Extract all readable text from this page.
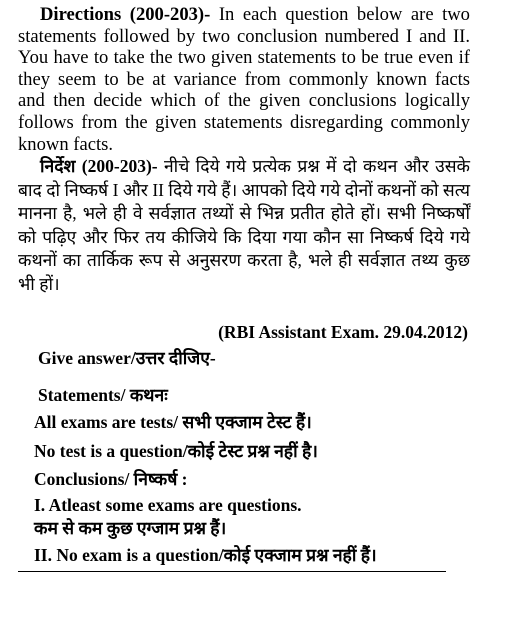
Directions (200-203)- In each question below are two statements followed by two conclusion numbered I and II. You have to take the two given statements to be true even if they seem to be at variance from commonly known facts and then decide which of the given conclusions logically follows from the given statements disregarding commonly known facts.
निर्देश (200-203)- नीचे दिये गये प्रत्येक प्रश्न में दो कथन और उसके बाद दो निष्कर्ष I और II दिये गये हैं। आपको दिये गये दोनों कथनों को सत्य मानना है, भले ही वे सर्वज्ञात तथ्यों से भिन्न प्रतीत होते हों। सभी निष्कर्षों को पढ़िए और फिर तय कीजिये कि दिया गया कौन सा निष्कर्ष दिये गये कथनों का तार्किक रूप से अनुसरण करता है, भले ही सर्वज्ञात तथ्य कुछ भी हों।
(RBI Assistant Exam. 29.04.2012)
Give answer/उत्तर दीजिए-
Statements/ कथनः
All exams are tests/ सभी एक्जाम टेस्ट हैं।
No test is a question/कोई टेस्ट प्रश्न नहीं है।
Conclusions/ निष्कर्ष :
I. Atleast some exams are questions.
कम से कम कुछ एग्जाम प्रश्न हैं।
II. No exam is a question/कोई एक्जाम प्रश्न नहीं हैं।
